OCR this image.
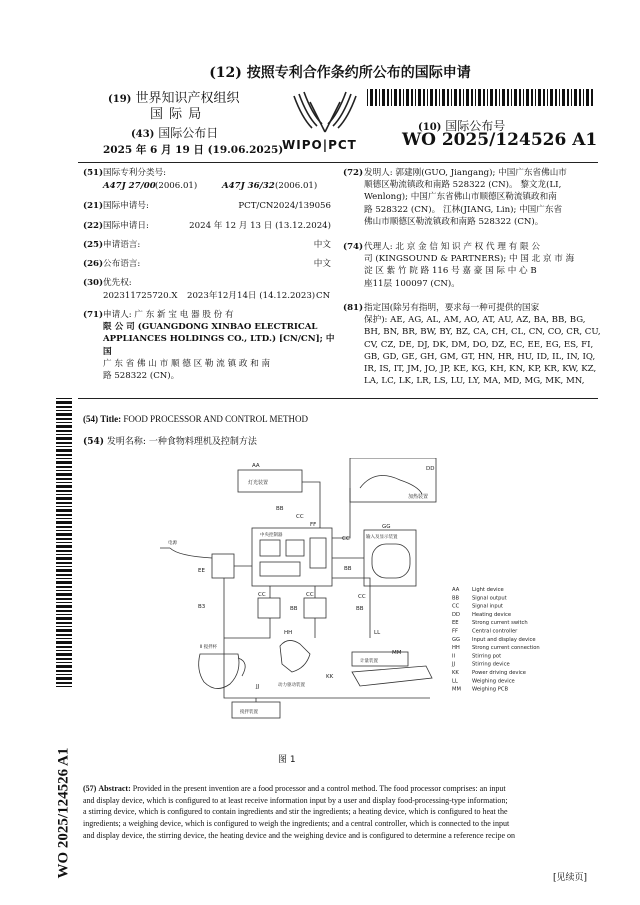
(12) 按照专利合作条约所公布的国际申请
(19) 世界知识产权组织
国 际 局
(43) 国际公布日
2025 年 6 月 19 日 (19.06.2025)
WIPO|PCT
(10) 国际公布号
WO 2025/124526 A1
(51) 国际专利分类号:
A47J 27/00 (2006.01)	A47J 36/32 (2006.01)
(21) 国际申请号:	PCT/CN2024/139056
(22) 国际申请日:	2024 年 12 月 13 日 (13.12.2024)
(25) 申请语言:	中文
(26) 公布语言:	中文
(30) 优先权:
202311725720.X 2023年12月14日 (14.12.2023) CN
(71) 申请人: 广 东 新 宝 电 器 股 份 有
限 公 司 (GUANGDONG XINBAO ELECTRICAL
APPLIANCES HOLDINGS CO., LTD.) [CN/CN]; 中国
广 东 省 佛 山 市 顺 德 区 勒 流 镇 政 和 南
路 528322 (CN)。
(72) 发明人: 郭建刚(GUO, Jiangang); 中国广东省佛山市
顺德区勒流镇政和南路 528322 (CN)。 黎文龙(LI,
Wenlong); 中国广东省佛山市顺德区勒流镇政和南
路 528322 (CN)。 江林(JIANG, Lin); 中国广东省
佛山市顺德区勒流镇政和南路 528322 (CN)。
(74) 代理人: 北 京 金 信 知 识 产 权 代 理 有 限 公
司 (KINGSOUND & PARTNERS); 中 国 北 京 市 海
淀 区 紫 竹 院 路 116 号 嘉 豪 国 际 中 心 B
座11层 100097 (CN)。
(81) 指定国(除另有指明，要求每一种可提供的国家
保护): AE, AG, AL, AM, AO, AT, AU, AZ, BA, BB, BG,
BH, BN, BR, BW, BY, BZ, CA, CH, CL, CN, CO, CR, CU,
CV, CZ, DE, DJ, DK, DM, DO, DZ, EC, EE, EG, ES, FI,
GB, GD, GE, GH, GM, GT, HN, HR, HU, ID, IL, IN, IQ,
IR, IS, IT, JM, JO, JP, KE, KG, KH, KN, KP, KR, KW, KZ,
LA, LC, LK, LR, LS, LU, LY, MA, MD, MG, MK, MN,
(54) Title: FOOD PROCESSOR AND CONTROL METHOD
(54) 发明名称: 一种食物料理机及控制方法
AA
灯光装置
BB
CC
DD
加热装置
EE
电源
FF
中央控制器
GG
输入及显示装置
CC
BB
B3
CC
BB
CC
HH
CC
BB
LL
计量装置
MM
Ⅱ 搅拌杯
KK
动力驱动装置
JJ
搅拌装置
AA Light device
BB Signal output
CC Signal input
DD Heating device
EE	Strong current switch
FF	Central controller
GG Input and display device
HH Strong current connection
II	Stirring pot
JJ	Stirring device
KK	Power driving device
LL	Weighing device
MM Weighing PCB
图 1
(57) Abstract: Provided in the present invention are a food processor and a control method. The food processor comprises: an input
and display device, which is configured to at least receive information input by a user and display food-processing-type information;
a stirring device, which is configured to contain ingredients and stir the ingredients; a heating device, which is configured to heat the
ingredients; a weighing device, which is configured to weigh the ingredients; and a central controller, which is connected to the input
and display device, the stirring device, the heating device and the weighing device and is configured to determine a reference recipe on
WO 2025/124526 A1	[见续页]
